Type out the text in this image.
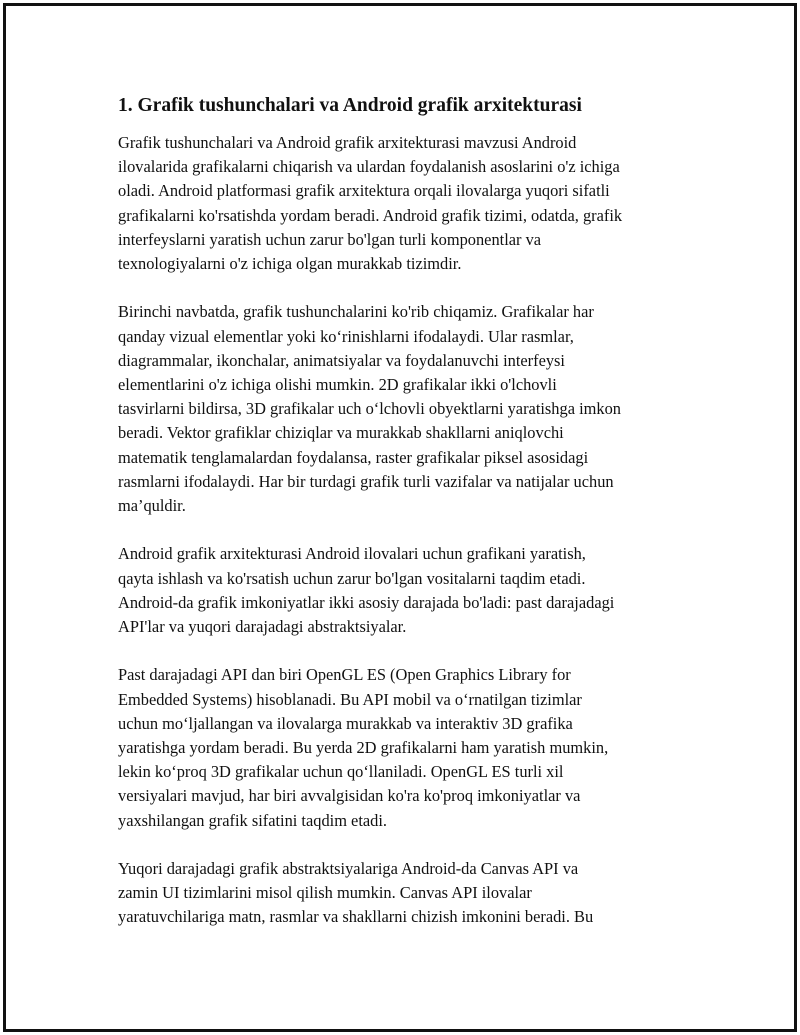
1. Grafik tushunchalari va Android grafik arxitekturasi
Grafik tushunchalari va Android grafik arxitekturasi mavzusi Android
ilovalarida grafikalarni chiqarish va ulardan foydalanish asoslarini o'z ichiga
oladi. Android platformasi grafik arxitektura orqali ilovalarga yuqori sifatli
grafikalarni ko'rsatishda yordam beradi. Android grafik tizimi, odatda, grafik
interfeyslarni yaratish uchun zarur bo'lgan turli komponentlar va
texnologiyalarni o'z ichiga olgan murakkab tizimdir.
Birinchi navbatda, grafik tushunchalarini ko'rib chiqamiz. Grafikalar har
qanday vizual elementlar yoki ko‘rinishlarni ifodalaydi. Ular rasmlar,
diagrammalar, ikonchalar, animatsiyalar va foydalanuvchi interfeysi
elementlarini o'z ichiga olishi mumkin. 2D grafikalar ikki o'lchovli
tasvirlarni bildirsa, 3D grafikalar uch o‘lchovli obyektlarni yaratishga imkon
beradi. Vektor grafiklar chiziqlar va murakkab shakllarni aniqlovchi
matematik tenglamalardan foydalansa, raster grafikalar piksel asosidagi
rasmlarni ifodalaydi. Har bir turdagi grafik turli vazifalar va natijalar uchun
ma’quldir.
Android grafik arxitekturasi Android ilovalari uchun grafikani yaratish,
qayta ishlash va ko'rsatish uchun zarur bo'lgan vositalarni taqdim etadi.
Android-da grafik imkoniyatlar ikki asosiy darajada bo'ladi: past darajadagi
API'lar va yuqori darajadagi abstraktsiyalar.
Past darajadagi API dan biri OpenGL ES (Open Graphics Library for
Embedded Systems) hisoblanadi. Bu API mobil va o‘rnatilgan tizimlar
uchun mo‘ljallangan va ilovalarga murakkab va interaktiv 3D grafika
yaratishga yordam beradi. Bu yerda 2D grafikalarni ham yaratish mumkin,
lekin ko‘proq 3D grafikalar uchun qo‘llaniladi. OpenGL ES turli xil
versiyalari mavjud, har biri avvalgisidan ko'ra ko'proq imkoniyatlar va
yaxshilangan grafik sifatini taqdim etadi.
Yuqori darajadagi grafik abstraktsiyalariga Android-da Canvas API va
zamin UI tizimlarini misol qilish mumkin. Canvas API ilovalar
yaratuvchilariga matn, rasmlar va shakllarni chizish imkonini beradi. Bu
